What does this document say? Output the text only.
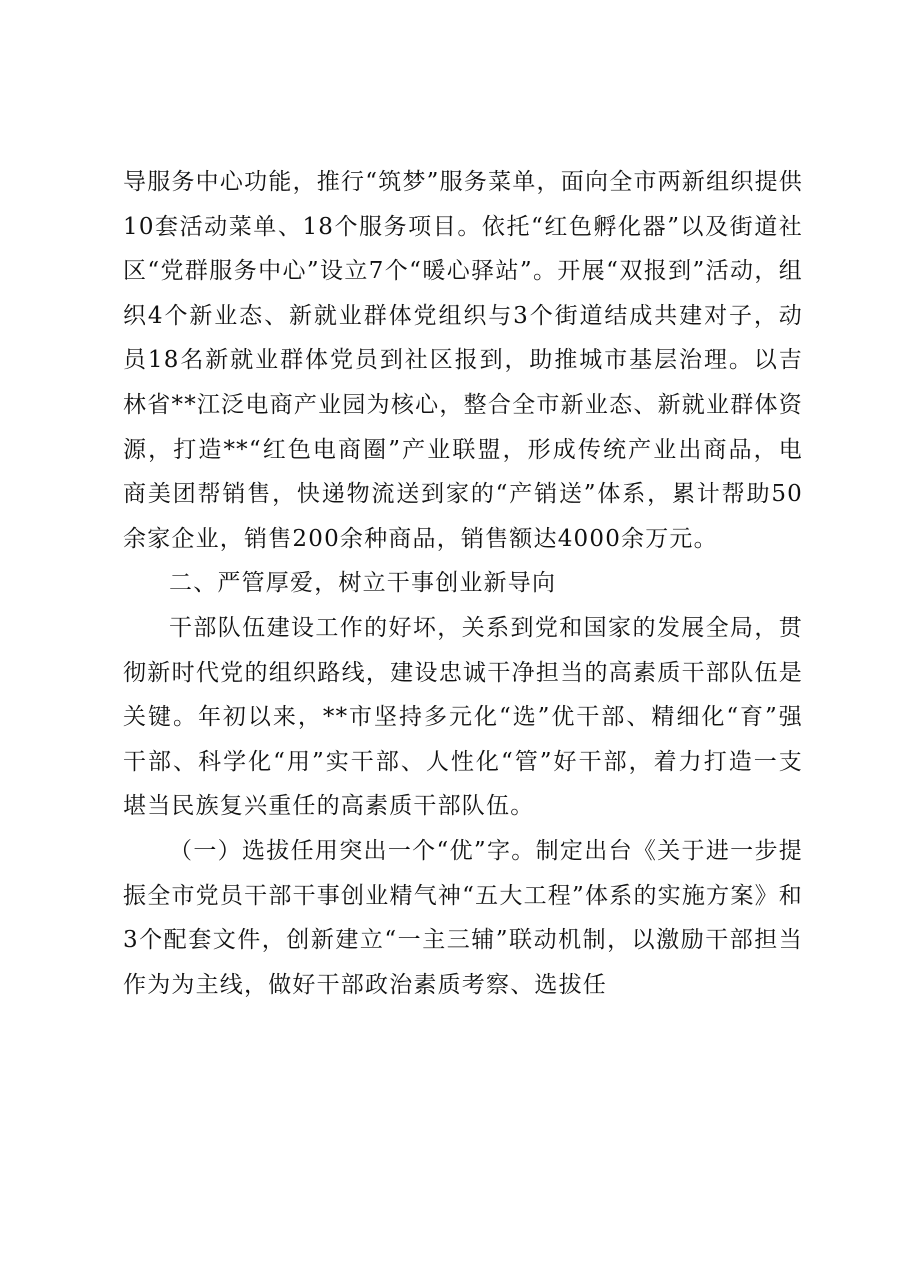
导服务中心功能，推行“筑梦”服务菜单，面向全市两新组织提供10套活动菜单、18个服务项目。依托“红色孵化器”以及街道社区“党群服务中心”设立7个“暖心驿站”。开展“双报到”活动，组织4个新业态、新就业群体党组织与3个街道结成共建对子，动员18名新就业群体党员到社区报到，助推城市基层治理。以吉林省**江泛电商产业园为核心，整合全市新业态、新就业群体资源，打造**“红色电商圈”产业联盟，形成传统产业出商品，电商美团帮销售，快递物流送到家的“产销送”体系，累计帮助50余家企业，销售200余种商品，销售额达4000余万元。

二、严管厚爱，树立干事创业新导向

干部队伍建设工作的好坏，关系到党和国家的发展全局，贯彻新时代党的组织路线，建设忠诚干净担当的高素质干部队伍是关键。年初以来，**市坚持多元化“选”优干部、精细化“育”强干部、科学化“用”实干部、人性化“管”好干部，着力打造一支堪当民族复兴重任的高素质干部队伍。

（一）选拔任用突出一个“优”字。制定出台《关于进一步提振全市党员干部干事创业精气神“五大工程”体系的实施方案》和3个配套文件，创新建立“一主三辅”联动机制，以激励干部担当作为为主线，做好干部政治素质考察、选拔任
